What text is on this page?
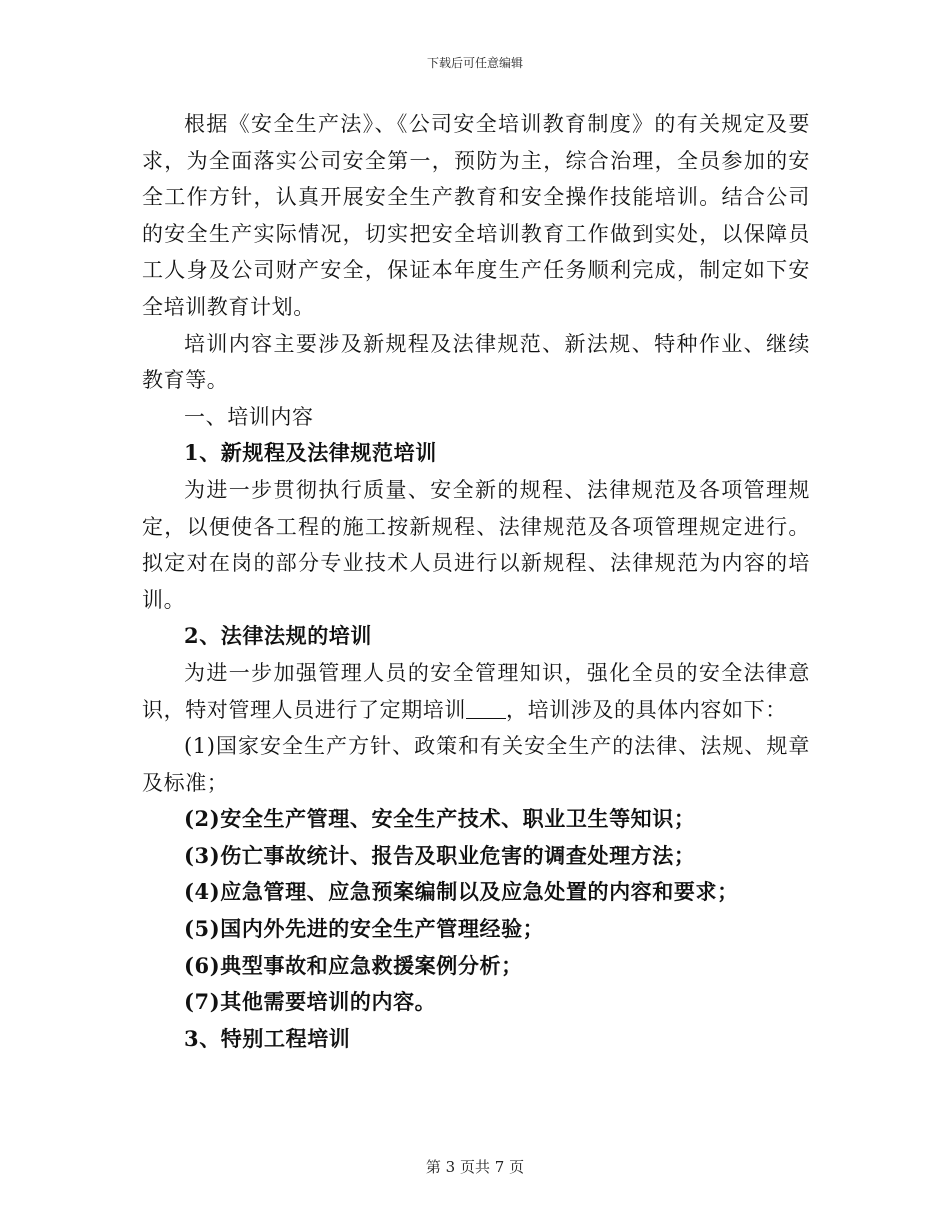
下载后可任意编辑

根据《安全生产法》、《公司安全培训教育制度》的有关规定及要求，为全面落实公司安全第一，预防为主，综合治理，全员参加的安全工作方针，认真开展安全生产教育和安全操作技能培训。结合公司的安全生产实际情况，切实把安全培训教育工作做到实处，以保障员工人身及公司财产安全，保证本年度生产任务顺利完成，制定如下安全培训教育计划。

培训内容主要涉及新规程及法律规范、新法规、特种作业、继续教育等。

一、培训内容

1、新规程及法律规范培训

为进一步贯彻执行质量、安全新的规程、法律规范及各项管理规定，以便使各工程的施工按新规程、法律规范及各项管理规定进行。拟定对在岗的部分专业技术人员进行以新规程、法律规范为内容的培训。

2、法律法规的培训

为进一步加强管理人员的安全管理知识，强化全员的安全法律意识，特对管理人员进行了定期培训 ，培训涉及的具体内容如下：

(1)国家安全生产方针、政策和有关安全生产的法律、法规、规章及标准；

(2)安全生产管理、安全生产技术、职业卫生等知识；

(3)伤亡事故统计、报告及职业危害的调查处理方法；

(4)应急管理、应急预案编制以及应急处置的内容和要求；

(5)国内外先进的安全生产管理经验；

(6)典型事故和应急救援案例分析；

(7)其他需要培训的内容。

3、特别工程培训

第 3 页共 7 页
